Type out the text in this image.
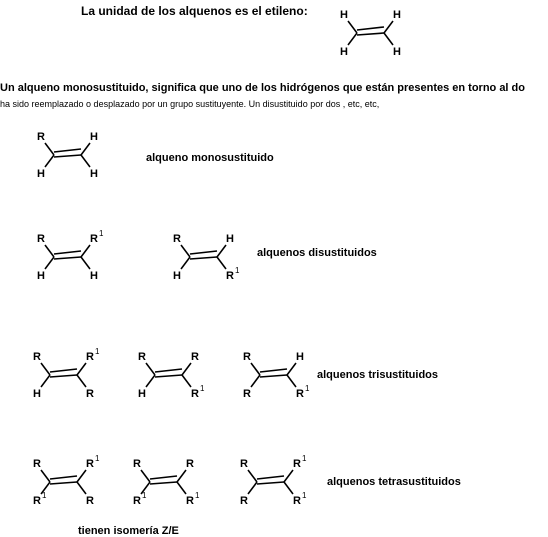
La unidad de los alquenos es el etileno:
Un alqueno monosustituido, significa que uno de los hidrógenos que están presentes en torno al do
ha sido reemplazado o desplazado por un grupo sustituyente. Un disustituido por dos , etc, etc,
alqueno monosustituido
alquenos disustituidos
alquenos trisustituidos
alquenos tetrasustituidos
tienen isomería Z/E
H	H
H	H
R	H
H	H
R	R 1
H	H
R	H
H	R 1
R	R 1
H	R
R	R
H	R 1
R	H
R	R 1
R	R 1
R 1	R
R	R
R 1	R 1
R	R 1
R	R 1
